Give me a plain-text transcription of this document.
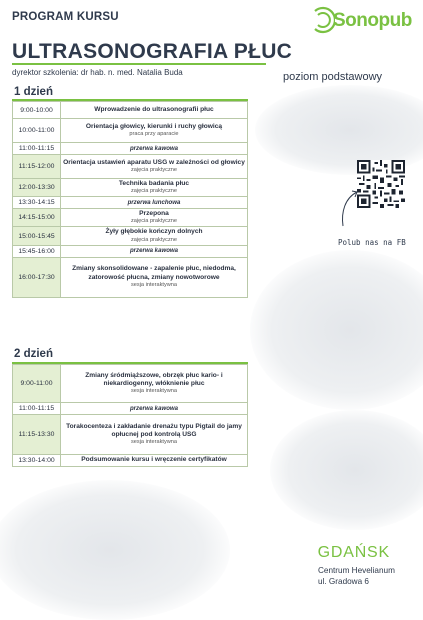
PROGRAM KURSU	Sonopub
ULTRASONOGRAFIA PŁUC
dyrektor szkolenia: dr hab. n. med. Natalia Buda	poziom podstawowy
1 dzień
9:00-10:00	Wprowadzenie do ultrasonografii płuc
10:00-11:00	Orientacja głowicy, kierunki i ruchy głowicą
praca przy aparacie

11:00-11:15	przerwa kawowa
11:15-12:00	Orientacja ustawień aparatu USG w zależności od głowicy
zajęcia praktyczne

12:00-13:30	Technika badania płuc
zajęcia praktyczne

13:30-14:15	przerwa lunchowa
14:15-15:00	Przepona
zajęcia praktyczne

15:00-15:45	Żyły głębokie kończyn dolnych
zajęcia praktyczne

15:45-16:00	przerwa kawowa
16:00-17:30	Zmiany skonsolidowane - zapalenie płuc, niedodma, zatorowość płucna, zmiany nowotworowe
sesja interaktywna
2 dzień
9:00-11:00	Zmiany śródmiąższowe, obrzęk płuc kario- i niekardiogenny, włóknienie płuc
sesja interaktywna

11:00-11:15	przerwa kawowa
11:15-13:30	Torakocenteza i zakładanie drenażu typu Pigtail do jamy opłucnej pod kontrolą USG
sesja interaktywna

13:30-14:00	Podsumowanie kursu i wręczenie certyfikatów
Polub nas na FB
GDAŃSK
Centrum Hevelianum
ul. Gradowa 6
